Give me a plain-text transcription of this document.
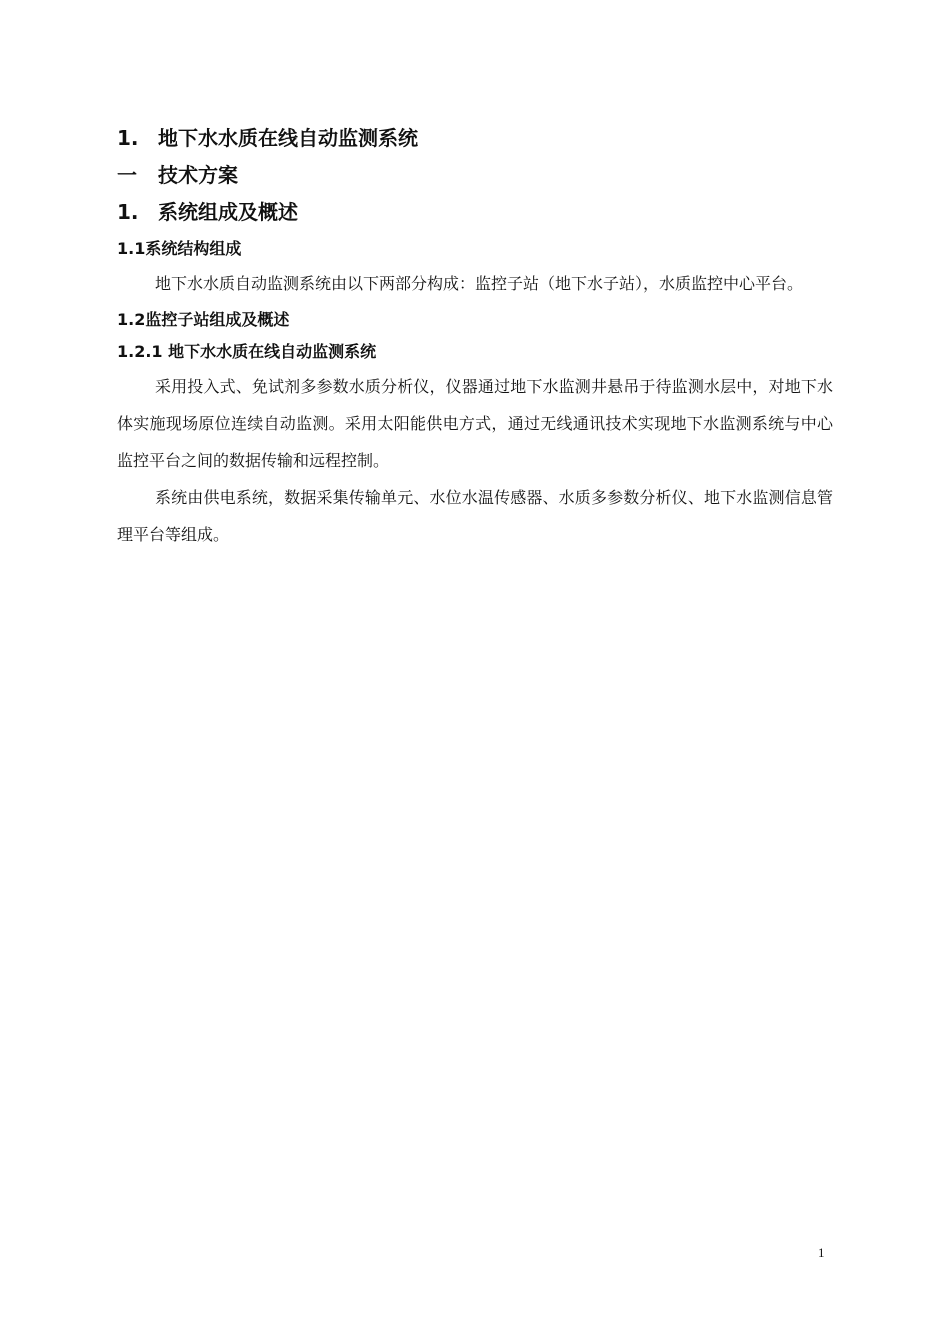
1. 地下水水质在线自动监测系统
一 技术方案
1. 系统组成及概述
1.1系统结构组成

地下水水质自动监测系统由以下两部分构成：监控子站（地下水子站），水质监控中心平台。

1.2监控子站组成及概述
1.2.1 地下水水质在线自动监测系统

采用投入式、免试剂多参数水质分析仪，仪器通过地下水监测井悬吊于待监测水层中，对地下水体实施现场原位连续自动监测。采用太阳能供电方式，通过无线通讯技术实现地下水监测系统与中心监控平台之间的数据传输和远程控制。

系统由供电系统，数据采集传输单元、水位水温传感器、水质多参数分析仪、地下水监测信息管理平台等组成。

1
